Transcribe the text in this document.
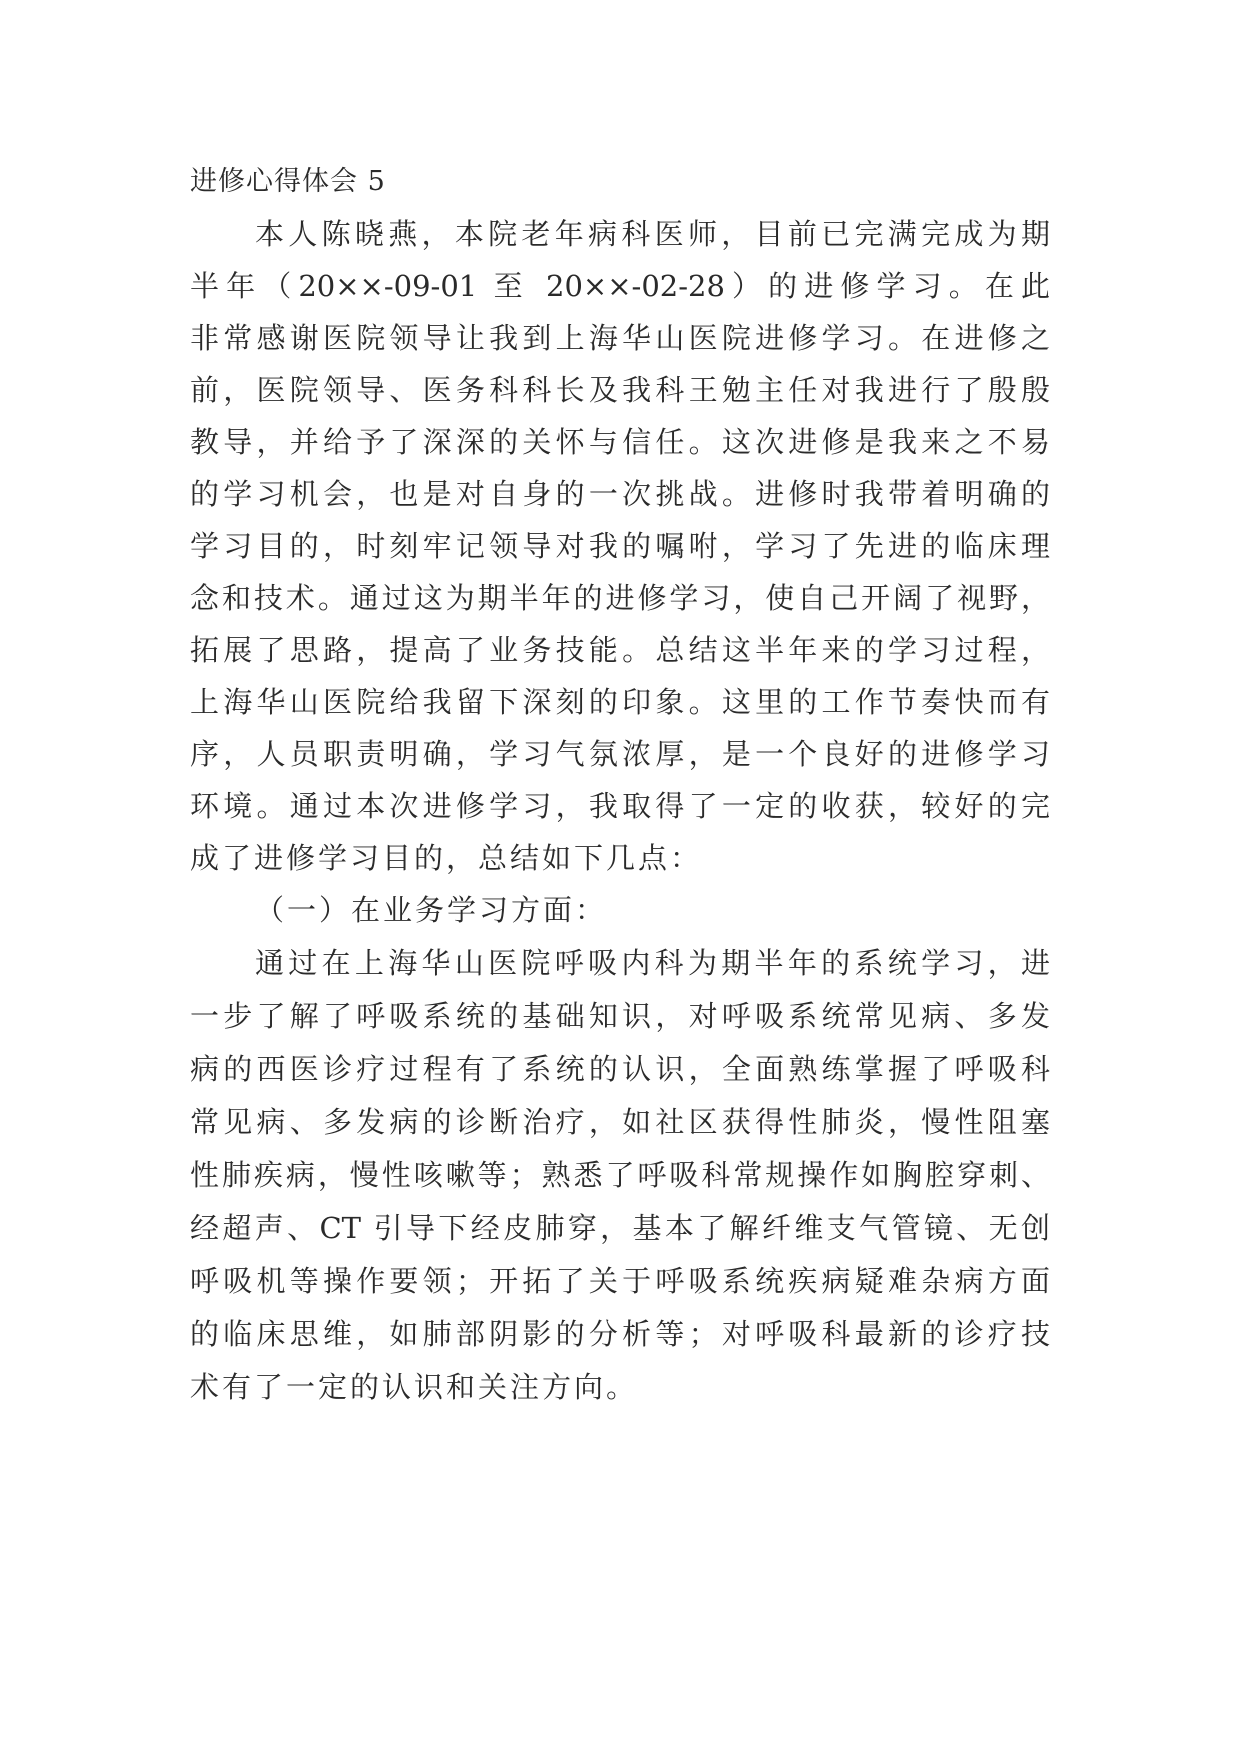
进修心得体会 5

本人陈晓燕，本院老年病科医师，目前已完满完成为期

半年（20××-09-01 至 20××-02-28）的进修学习。在此

非常感谢医院领导让我到上海华山医院进修学习。在进修之

前，医院领导、医务科科长及我科王勉主任对我进行了殷殷

教导，并给予了深深的关怀与信任。这次进修是我来之不易

的学习机会，也是对自身的一次挑战。进修时我带着明确的

学习目的，时刻牢记领导对我的嘱咐，学习了先进的临床理

念和技术。通过这为期半年的进修学习，使自己开阔了视野，

拓展了思路，提高了业务技能。总结这半年来的学习过程，

上海华山医院给我留下深刻的印象。这里的工作节奏快而有

序，人员职责明确，学习气氛浓厚，是一个良好的进修学习

环境。通过本次进修学习，我取得了一定的收获，较好的完

成了进修学习目的，总结如下几点：

（一）在业务学习方面：

通过在上海华山医院呼吸内科为期半年的系统学习，进

一步了解了呼吸系统的基础知识，对呼吸系统常见病、多发

病的西医诊疗过程有了系统的认识，全面熟练掌握了呼吸科

常见病、多发病的诊断治疗，如社区获得性肺炎，慢性阻塞

性肺疾病，慢性咳嗽等；熟悉了呼吸科常规操作如胸腔穿刺、

经超声、CT 引导下经皮肺穿，基本了解纤维支气管镜、无创

呼吸机等操作要领；开拓了关于呼吸系统疾病疑难杂病方面

的临床思维，如肺部阴影的分析等；对呼吸科最新的诊疗技

术有了一定的认识和关注方向。
